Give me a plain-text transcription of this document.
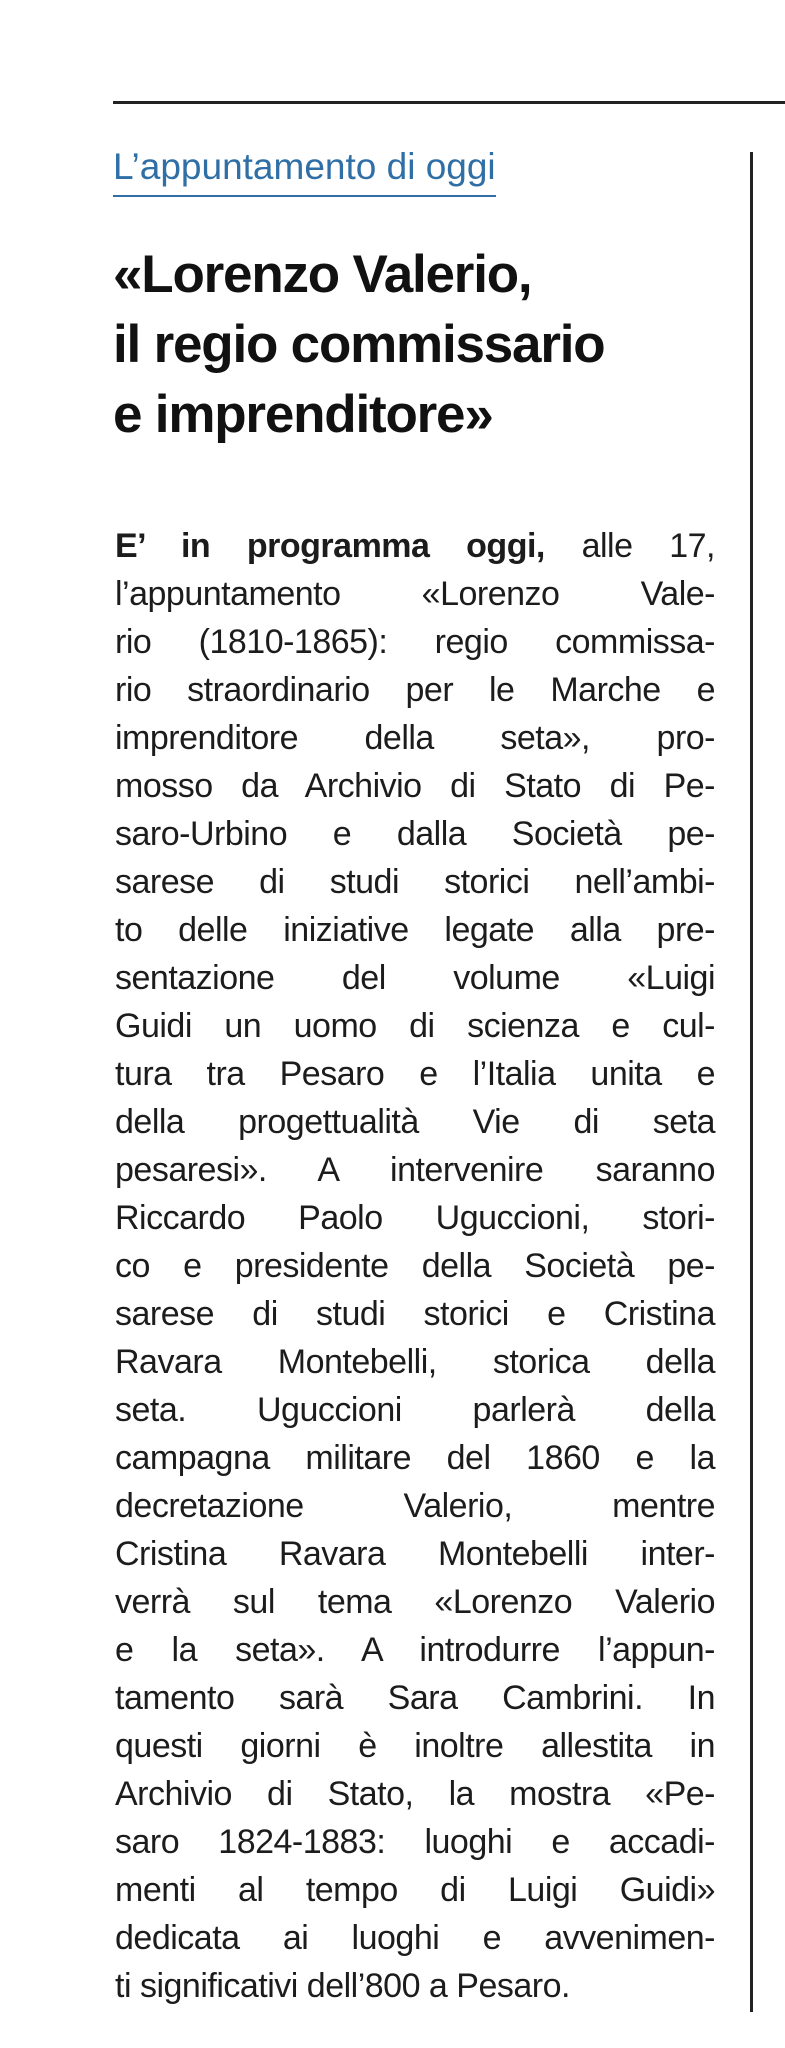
L’appuntamento di oggi
«Lorenzo Valerio,
il regio commissario
e imprenditore»
E’ in programma oggi, alle 17,
l’appuntamento «Lorenzo Vale-
rio (1810-1865): regio commissa-
rio straordinario per le Marche e
imprenditore della seta», pro-
mosso da Archivio di Stato di Pe-
saro-Urbino e dalla Società pe-
sarese di studi storici nell’ambi-
to delle iniziative legate alla pre-
sentazione del volume «Luigi
Guidi un uomo di scienza e cul-
tura tra Pesaro e l’Italia unita e
della progettualità Vie di seta
pesaresi». A intervenire saranno
Riccardo Paolo Uguccioni, stori-
co e presidente della Società pe-
sarese di studi storici e Cristina
Ravara Montebelli, storica della
seta. Uguccioni parlerà della
campagna militare del 1860 e la
decretazione Valerio, mentre
Cristina Ravara Montebelli inter-
verrà sul tema «Lorenzo Valerio
e la seta». A introdurre l’appun-
tamento sarà Sara Cambrini. In
questi giorni è inoltre allestita in
Archivio di Stato, la mostra «Pe-
saro 1824-1883: luoghi e accadi-
menti al tempo di Luigi Guidi»
dedicata ai luoghi e avvenimen-
ti significativi dell’800 a Pesaro.
